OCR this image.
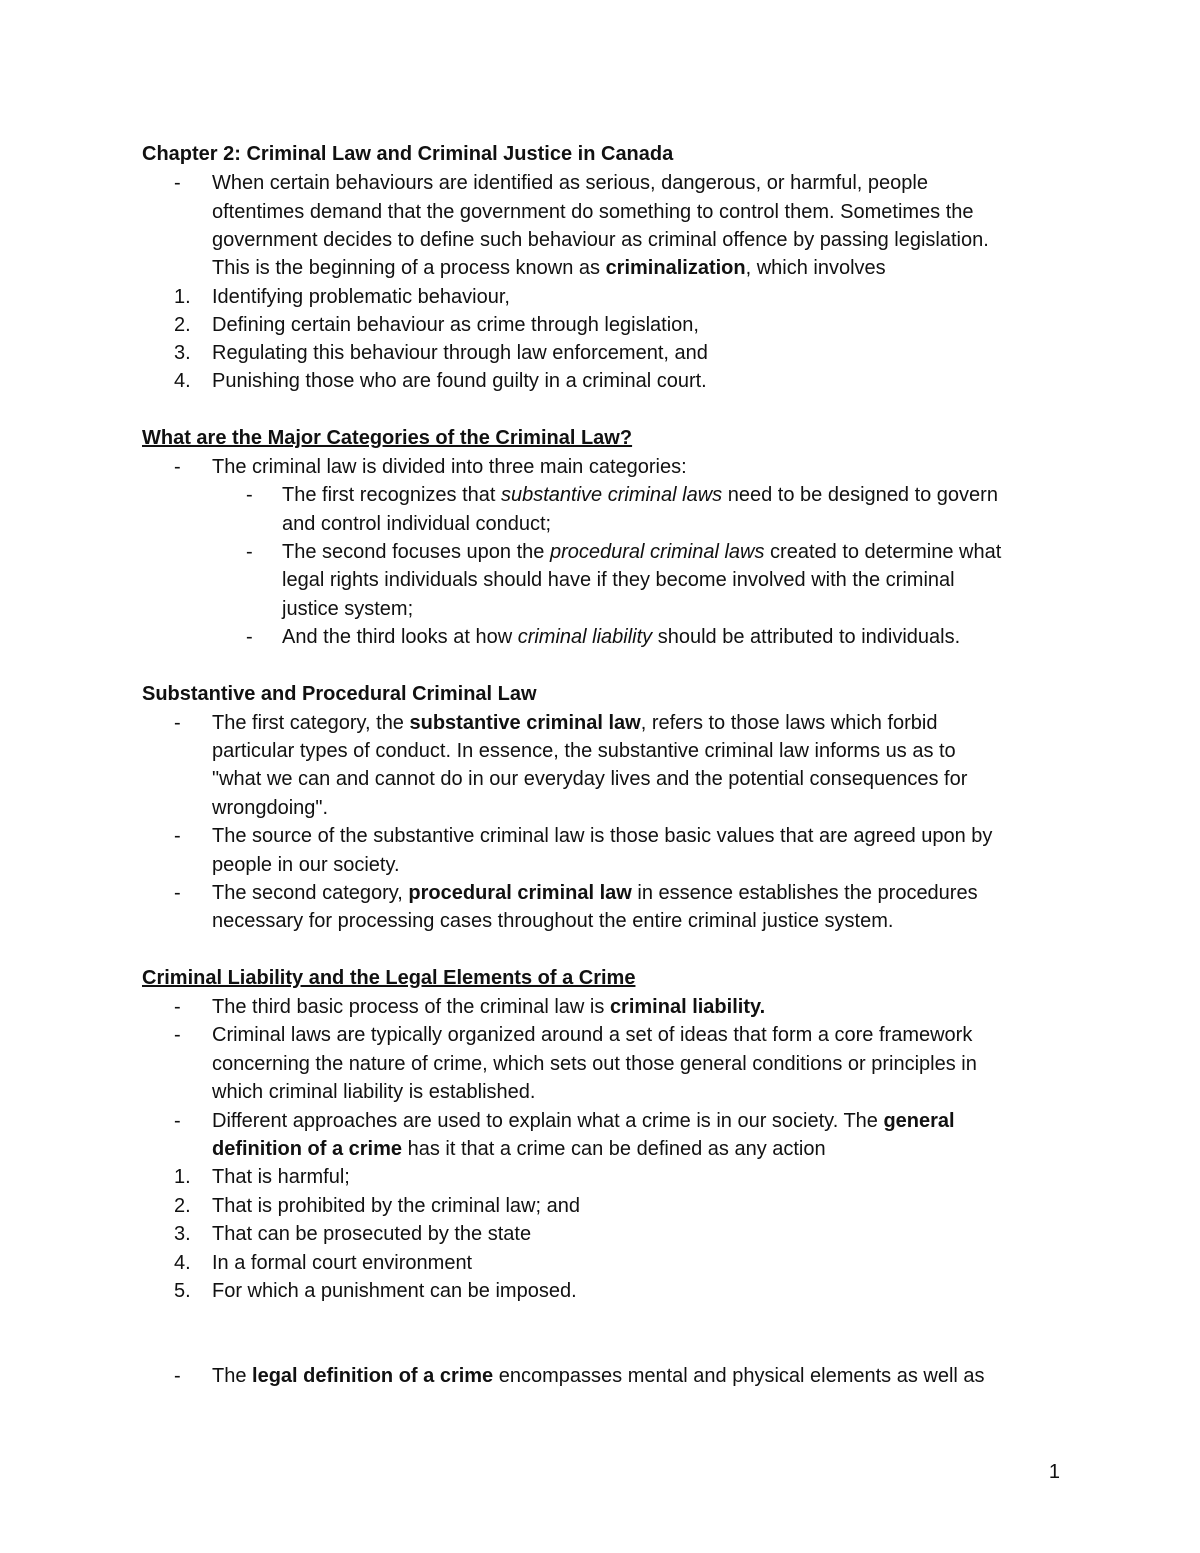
Chapter 2: Criminal Law and Criminal Justice in Canada
-	When certain behaviours are identified as serious, dangerous, or harmful, people
oftentimes demand that the government do something to control them. Sometimes the
government decides to define such behaviour as criminal offence by passing legislation.
This is the beginning of a process known as criminalization, which involves
1.	Identifying problematic behaviour,
2.	Defining certain behaviour as crime through legislation,
3.	Regulating this behaviour through law enforcement, and
4.	Punishing those who are found guilty in a criminal court.
What are the Major Categories of the Criminal Law?
-	The criminal law is divided into three main categories:
-	The first recognizes that substantive criminal laws need to be designed to govern
and control individual conduct;
-	The second focuses upon the procedural criminal laws created to determine what
legal rights individuals should have if they become involved with the criminal
justice system;
-	And the third looks at how criminal liability should be attributed to individuals.
Substantive and Procedural Criminal Law
-	The first category, the substantive criminal law, refers to those laws which forbid
particular types of conduct. In essence, the substantive criminal law informs us as to
"what we can and cannot do in our everyday lives and the potential consequences for
wrongdoing".
-	The source of the substantive criminal law is those basic values that are agreed upon by
people in our society.
-	The second category, procedural criminal law in essence establishes the procedures
necessary for processing cases throughout the entire criminal justice system.
Criminal Liability and the Legal Elements of a Crime
-	The third basic process of the criminal law is criminal liability.
-	Criminal laws are typically organized around a set of ideas that form a core framework
concerning the nature of crime, which sets out those general conditions or principles in
which criminal liability is established.
-	Different approaches are used to explain what a crime is in our society. The general
definition of a crime has it that a crime can be defined as any action
1.	That is harmful;
2.	That is prohibited by the criminal law; and
3.	That can be prosecuted by the state
4.	In a formal court environment
5.	For which a punishment can be imposed.
-	The legal definition of a crime encompasses mental and physical elements as well as
1
